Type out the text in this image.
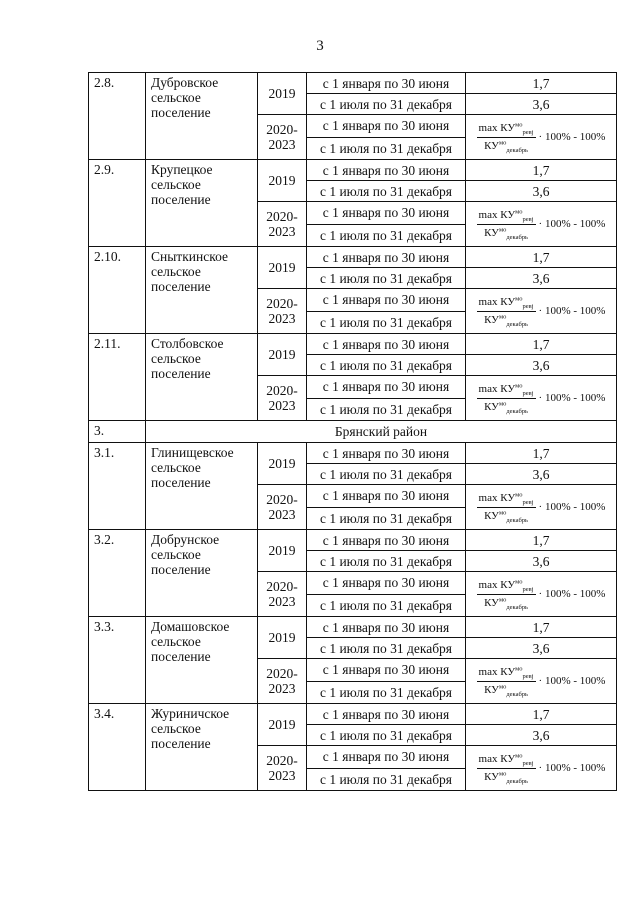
3
2.8.	Дубровское сельское поселение	2019	с 1 января по 30 июня	1,7
			с 1 июля по 31 декабря	3,6
		2020-2023	с 1 января по 30 июня	$\frac{\max КУ^{мо}_{ревj}}{КУ^{мо}_{декабрь}} \cdot 100\% - 100\%$

			с 1 июля по 31 декабря	
2.9.	Крупецкое сельское поселение	2019	с 1 января по 30 июня	1,7
			с 1 июля по 31 декабря	3,6
		2020-2023	с 1 января по 30 июня	$\frac{\max КУ^{мо}_{ревj}}{КУ^{мо}_{декабрь}} \cdot 100\% - 100\%$

			с 1 июля по 31 декабря	
2.10.	Сныткинское сельское поселение	2019	с 1 января по 30 июня	1,7
			с 1 июля по 31 декабря	3,6
		2020-2023	с 1 января по 30 июня	$\frac{\max КУ^{мо}_{ревj}}{КУ^{мо}_{декабрь}} \cdot 100\% - 100\%$

			с 1 июля по 31 декабря	
2.11.	Столбовское сельское поселение	2019	с 1 января по 30 июня	1,7
			с 1 июля по 31 декабря	3,6
		2020-2023	с 1 января по 30 июня	$\frac{\max КУ^{мо}_{ревj}}{КУ^{мо}_{декабрь}} \cdot 100\% - 100\%$

			с 1 июля по 31 декабря	
3.	Брянский район			
3.1.	Глинищевское сельское поселение	2019	с 1 января по 30 июня	1,7
			с 1 июля по 31 декабря	3,6
		2020-2023	с 1 января по 30 июня	$\frac{\max КУ^{мо}_{ревj}}{КУ^{мо}_{декабрь}} \cdot 100\% - 100\%$

			с 1 июля по 31 декабря	
3.2.	Добрунское сельское поселение	2019	с 1 января по 30 июня	1,7
			с 1 июля по 31 декабря	3,6
		2020-2023	с 1 января по 30 июня	$\frac{\max КУ^{мо}_{ревj}}{КУ^{мо}_{декабрь}} \cdot 100\% - 100\%$

			с 1 июля по 31 декабря	
3.3.	Домашовское сельское поселение	2019	с 1 января по 30 июня	1,7
			с 1 июля по 31 декабря	3,6
		2020-2023	с 1 января по 30 июня	$\frac{\max КУ^{мо}_{ревj}}{КУ^{мо}_{декабрь}} \cdot 100\% - 100\%$

			с 1 июля по 31 декабря	
3.4.	Журиничское сельское поселение	2019	с 1 января по 30 июня	1,7
			с 1 июля по 31 декабря	3,6
		2020-2023	с 1 января по 30 июня	$\frac{\max КУ^{мо}_{ревj}}{КУ^{мо}_{декабрь}} \cdot 100\% - 100\%$

			с 1 июля по 31 декабря	
